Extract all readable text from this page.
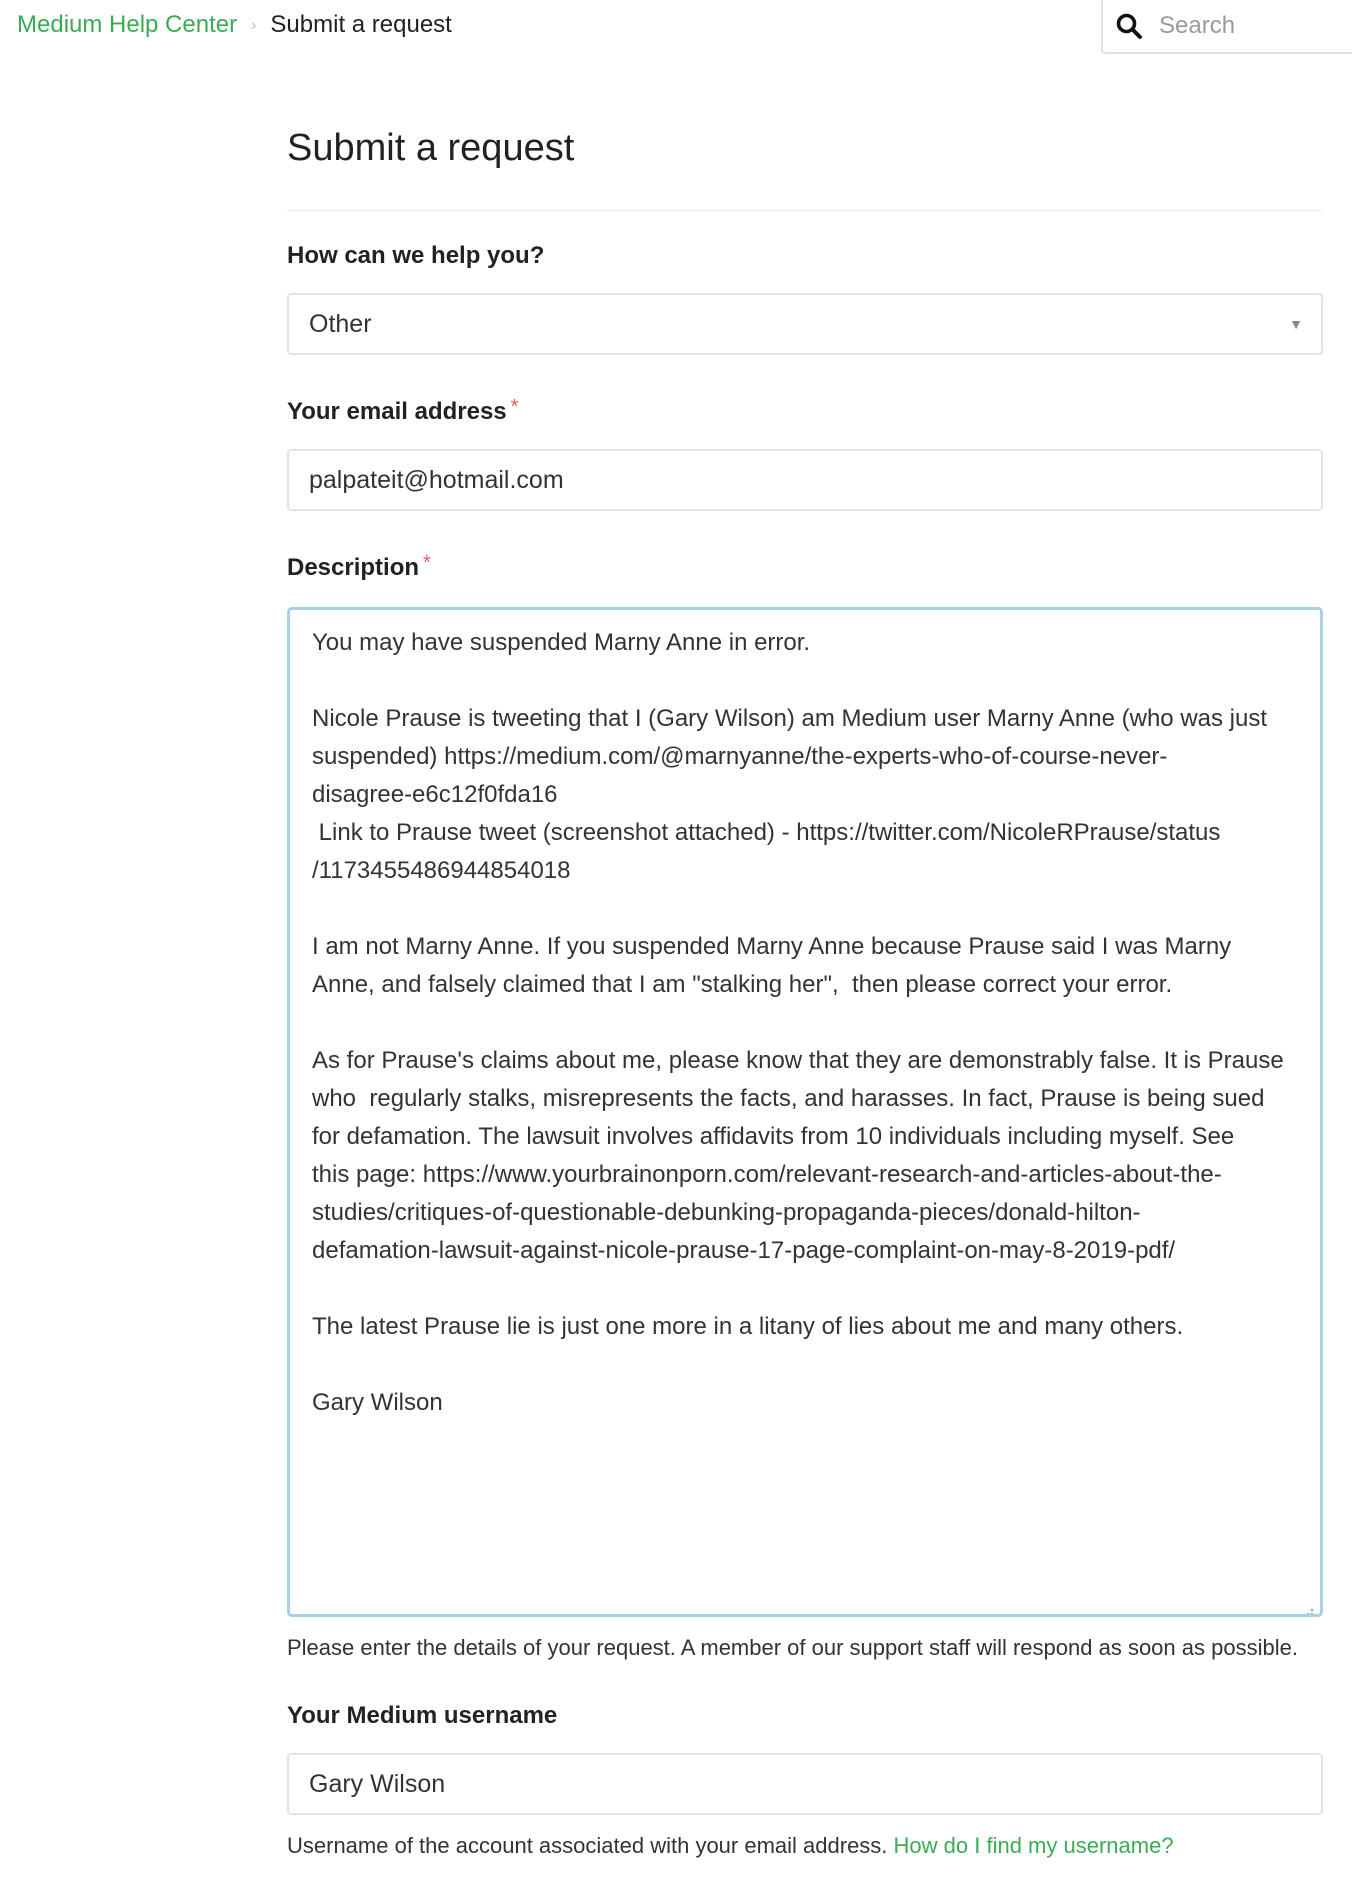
Medium Help Center › Submit a request
Search
Submit a request
How can we help you?
Other	▼
Your email address *
palpateit@hotmail.com
Description *

You may have suspended Marny Anne in error.

Nicole Prause is tweeting that I (Gary Wilson) am Medium user Marny Anne (who was just

suspended) https://medium.com/@marnyanne/the-experts-who-of-course-never-

disagree-e6c12f0fda16

Link to Prause tweet (screenshot attached) - https://twitter.com/NicoleRPrause/status

/1173455486944854018

I am not Marny Anne. If you suspended Marny Anne because Prause said I was Marny

Anne, and falsely claimed that I am "stalking her",  then please correct your error.

As for Prause's claims about me, please know that they are demonstrably false. It is Prause

who  regularly stalks, misrepresents the facts, and harasses. In fact, Prause is being sued

for defamation. The lawsuit involves affidavits from 10 individuals including myself. See

this page: https://www.yourbrainonporn.com/relevant-research-and-articles-about-the-

studies/critiques-of-questionable-debunking-propaganda-pieces/donald-hilton-

defamation-lawsuit-against-nicole-prause-17-page-complaint-on-may-8-2019-pdf/

The latest Prause lie is just one more in a litany of lies about me and many others.

Gary Wilson

Please enter the details of your request. A member of our support staff will respond as soon as possible.

Your Medium username
Gary Wilson

Username of the account associated with your email address. How do I find my username?
